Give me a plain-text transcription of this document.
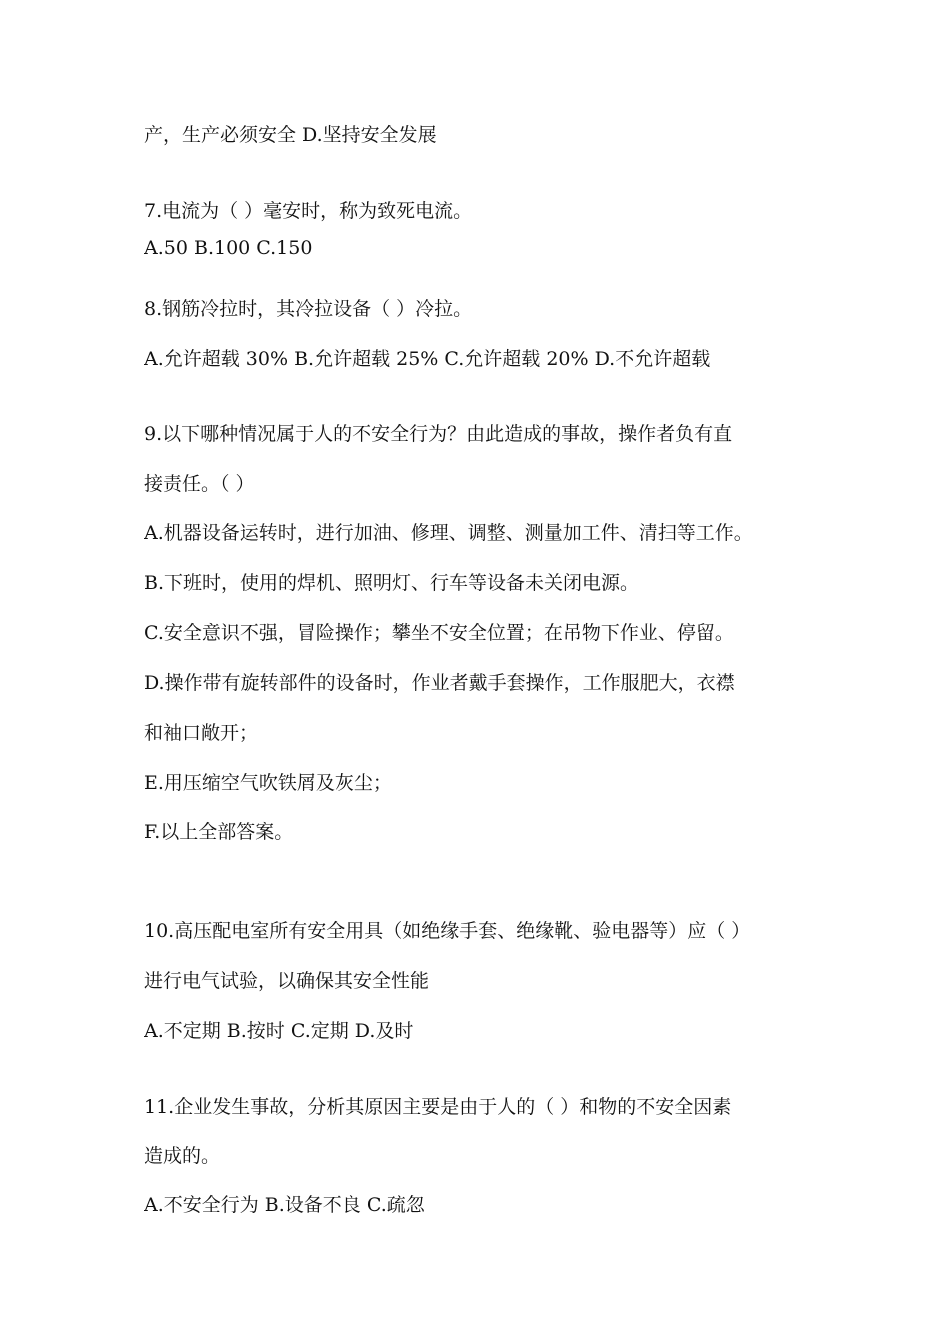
产，生产必须安全 D.坚持安全发展
7.电流为（ ）毫安时，称为致死电流。
A.50 B.100 C.150
8.钢筋冷拉时，其冷拉设备（ ）冷拉。
A.允许超载 30% B.允许超载 25% C.允许超载 20% D.不允许超载
9.以下哪种情况属于人的不安全行为？由此造成的事故，操作者负有直
接责任。（ ）
A.机器设备运转时，进行加油、修理、调整、测量加工件、清扫等工作。
B.下班时，使用的焊机、照明灯、行车等设备未关闭电源。
C.安全意识不强，冒险操作；攀坐不安全位置；在吊物下作业、停留。
D.操作带有旋转部件的设备时，作业者戴手套操作，工作服肥大，衣襟
和袖口敞开；
E.用压缩空气吹铁屑及灰尘；
F.以上全部答案。
10.高压配电室所有安全用具（如绝缘手套、绝缘靴、验电器等）应（ ）
进行电气试验，以确保其安全性能
A.不定期 B.按时 C.定期 D.及时
11.企业发生事故，分析其原因主要是由于人的（ ）和物的不安全因素
造成的。
A.不安全行为 B.设备不良 C.疏忽
